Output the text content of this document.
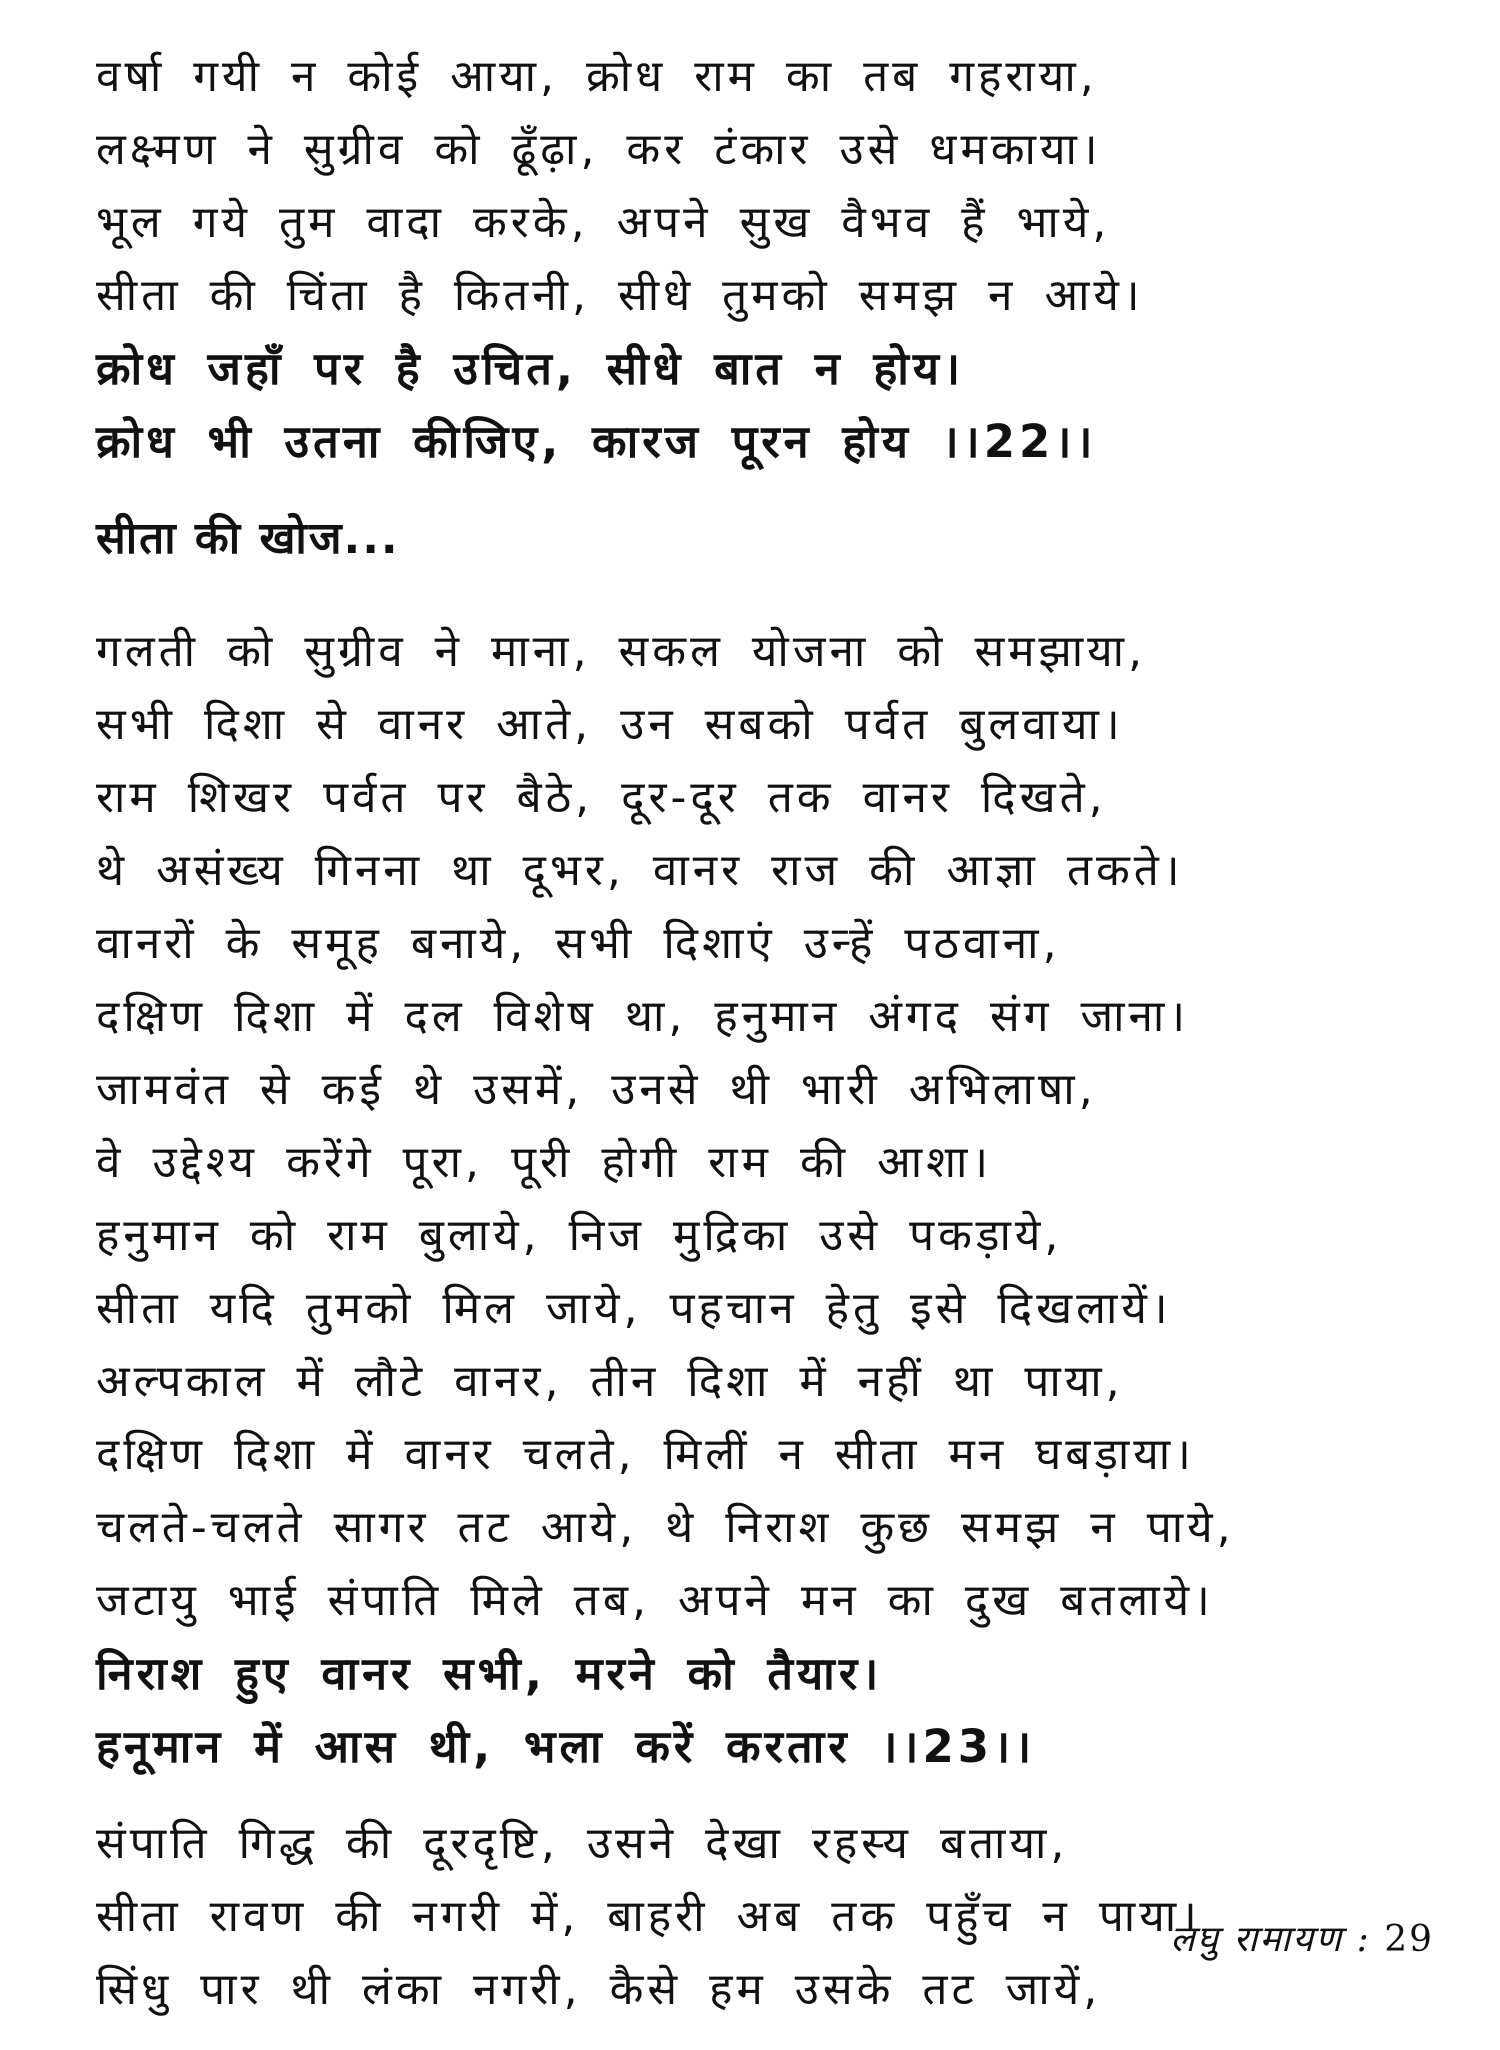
वर्षा गयी न कोई आया, क्रोध राम का तब गहराया,
लक्ष्मण ने सुग्रीव को ढूँढ़ा, कर टंकार उसे धमकाया।
भूल गये तुम वादा करके, अपने सुख वैभव हैं भाये,
सीता की चिंता है कितनी, सीधे तुमको समझ न आये।
क्रोध जहाँ पर है उचित, सीधे बात न होय।
क्रोध भी उतना कीजिए, कारज पूरन होय ।।22।।
सीता की खोज...
गलती को सुग्रीव ने माना, सकल योजना को समझाया,
सभी दिशा से वानर आते, उन सबको पर्वत बुलवाया।
राम शिखर पर्वत पर बैठे, दूर-दूर तक वानर दिखते,
थे असंख्य गिनना था दूभर, वानर राज की आज्ञा तकते।
वानरों के समूह बनाये, सभी दिशाएं उन्हें पठवाना,
दक्षिण दिशा में दल विशेष था, हनुमान अंगद संग जाना।
जामवंत से कई थे उसमें, उनसे थी भारी अभिलाषा,
वे उद्देश्य करेंगे पूरा, पूरी होगी राम की आशा।
हनुमान को राम बुलाये, निज मुद्रिका उसे पकड़ाये,
सीता यदि तुमको मिल जाये, पहचान हेतु इसे दिखलायें।
अल्पकाल में लौटे वानर, तीन दिशा में नहीं था पाया,
दक्षिण दिशा में वानर चलते, मिलीं न सीता मन घबड़ाया।
चलते-चलते सागर तट आये, थे निराश कुछ समझ न पाये,
जटायु भाई संपाति मिले तब, अपने मन का दुख बतलाये।
निराश हुए वानर सभी, मरने को तैयार।
हनूमान में आस थी, भला करें करतार ।।23।।
संपाति गिद्ध की दूरदृष्टि, उसने देखा रहस्य बताया,
सीता रावण की नगरी में, बाहरी अब तक पहुँच न पाया।
सिंधु पार थी लंका नगरी, कैसे हम उसके तट जायें,
लघु रामायण : 29
